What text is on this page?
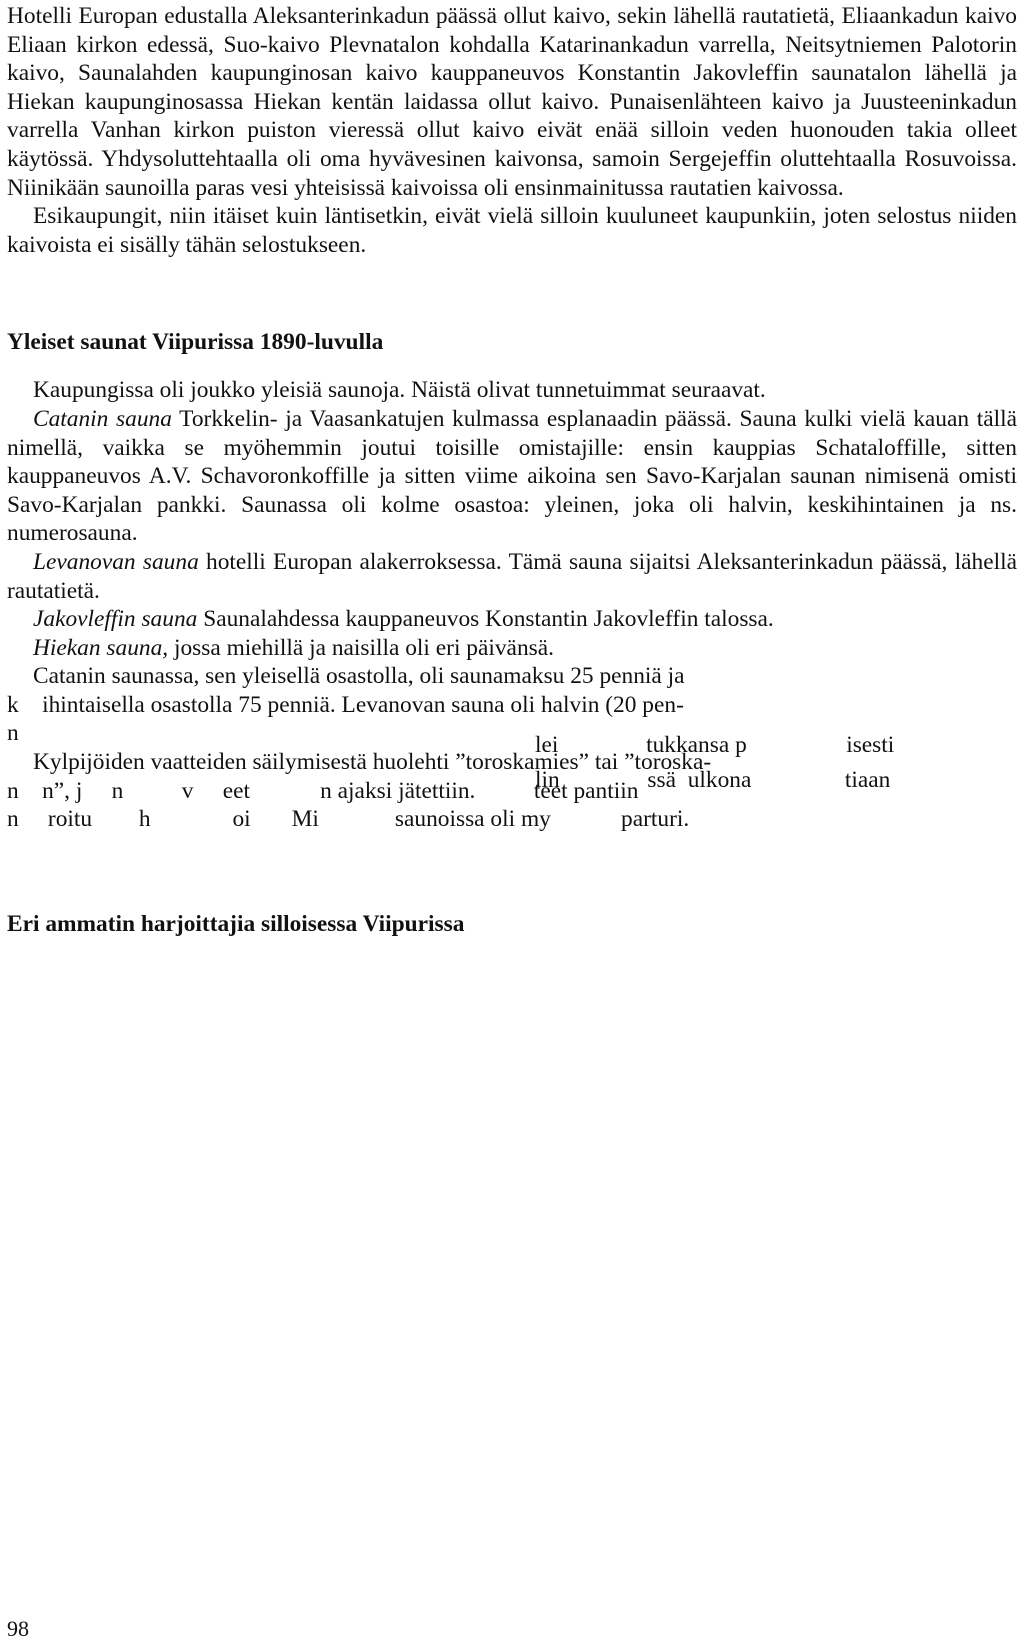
Hotelli Europan edustalla Aleksanterinkadun päässä ollut kaivo, sekin lähellä rautatietä, Eliaankadun kaivo Eliaan kirkon edessä, Suo-kaivo Plevnatalon kohdalla Katarinankadun varrella, Neitsytniemen Palotorin kaivo, Saunalahden kaupunginosan kaivo kauppaneuvos Konstantin Jakovleffin saunatalon lähellä ja Hiekan kaupunginosassa Hiekan kentän laidassa ollut kaivo. Punaisenlähteen kaivo ja Juusteeninkadun varrella Vanhan kirkon puiston vieressä ollut kaivo eivät enää silloin veden huonouden takia olleet käytössä. Yhdysoluttehtaalla oli oma hyvävesinen kaivonsa, samoin Sergejeffin oluttehtaalla Rosuvoissa. Niinikään saunoilla paras vesi yhteisissä kaivoissa oli ensinmainitussa rautatien kaivossa.

Esikaupungit, niin itäiset kuin läntisetkin, eivät vielä silloin kuuluneet kaupunkiin, joten selostus niiden kaivoista ei sisälly tähän selostukseen.

Yleiset saunat Viipurissa 1890-luvulla

Kaupungissa oli joukko yleisiä saunoja. Näistä olivat tunnetuimmat seuraavat.

Catanin sauna Torkkelin- ja Vaasankatujen kulmassa esplanaadin päässä. Sauna kulki vielä kauan tällä nimellä, vaikka se myöhemmin joutui toisille omistajille: ensin kauppias Schataloffille, sitten kauppaneuvos A.V. Schavoronkoffille ja sitten viime aikoina sen Savo-Karjalan saunan nimisenä omisti Savo-Karjalan pankki. Saunassa oli kolme osastoa: yleinen, joka oli halvin, keskihintainen ja ns. numerosauna.

Levanovan sauna hotelli Europan alakerroksessa. Tämä sauna sijaitsi Aleksanterinkadun päässä, lähellä rautatietä.

Jakovleffin sauna Saunalahdessa kauppaneuvos Konstantin Jakovleffin talossa.

Hiekan sauna, jossa miehillä ja naisilla oli eri päivänsä.

Catanin saunassa, sen yleisellä osastolla, oli saunamaksu 25 penniä ja

k    ihintaisella osastolla 75 penniä. Levanovan sauna oli halvin (20 pen-

n

Kylpijöiden vaatteiden säilymisestä huolehti ”toroskamies” tai ”toroska-

n    n”, j     n          v     eet            n ajaksi jätettiin.          teet pantiin

n     roitu        h              oi       Mi             saunoissa oli my            parturi.

Eri ammatin harjoittajia silloisessa Viipurissa
lei               tukkansa p                 isesti
lin               ssä  ulkona                tiaan
98
